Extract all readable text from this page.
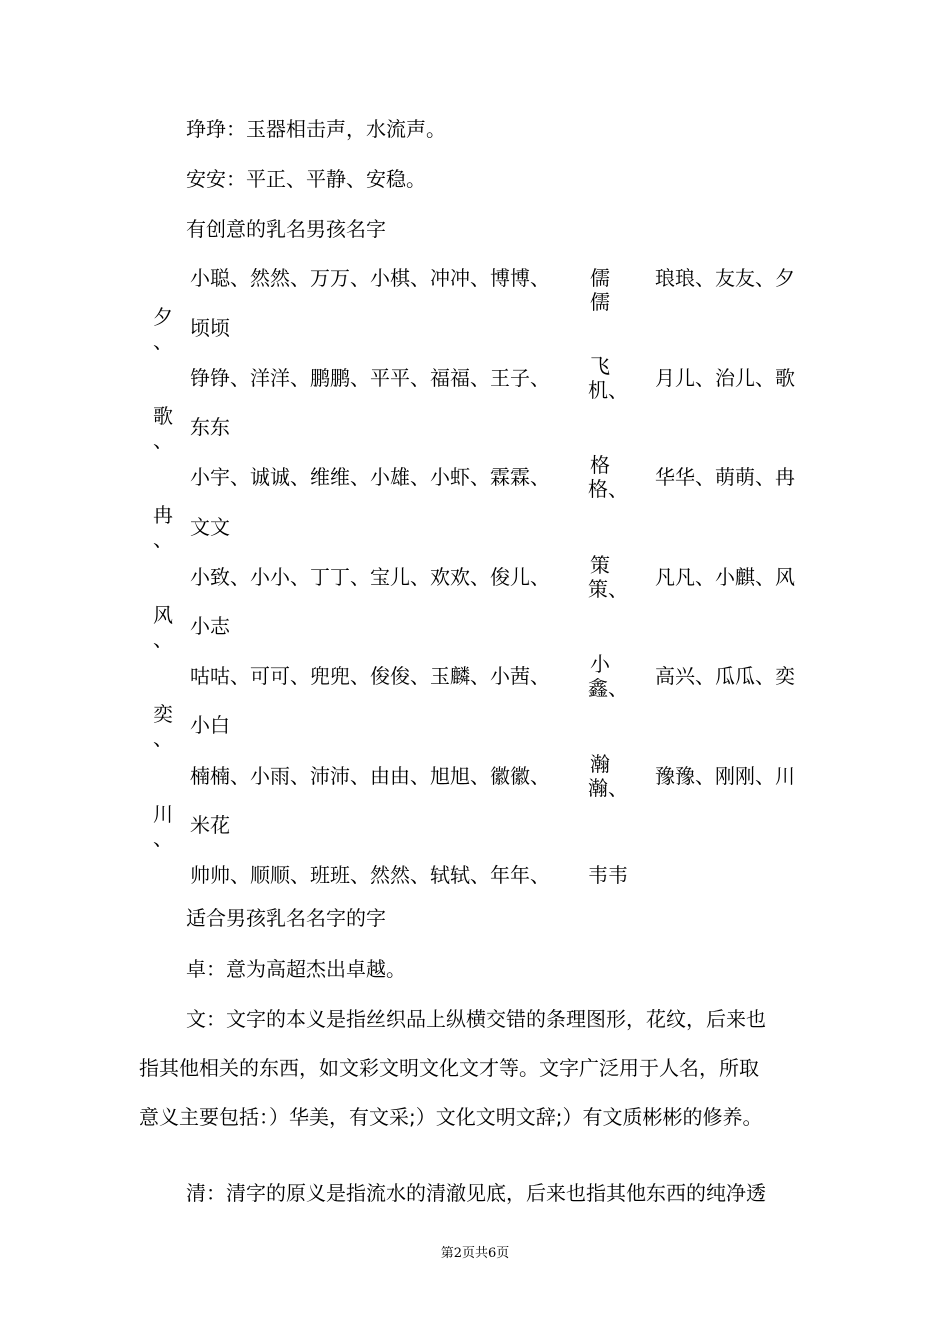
琤琤：玉器相击声，水流声。
安安：平正、平静、安稳。
有创意的乳名男孩名字
小聪、然然、万万、小棋、冲冲、博博、 儒
儒
琅琅、友友、夕
夕
、
顷顷
铮铮、洋洋、鹏鹏、平平、福福、王子、 飞
机、 月儿、治儿、歌
歌
、
东东
小宇、诚诚、维维、小雄、小虾、霖霖、 格
格、 华华、萌萌、冉
冉
、 文文
小致、小小、丁丁、宝儿、欢欢、俊儿、 策
策、 凡凡、小麒、风
风
、
小志
咕咕、可可、兜兜、俊俊、玉麟、小茜、 小
鑫、 高兴、瓜瓜、奕
奕
、
小白
楠楠、小雨、沛沛、由由、旭旭、徽徽、 瀚
瀚、 豫豫、刚刚、川
川
、
米花
帅帅、顺顺、班班、然然、轼轼、年年、 韦韦
适合男孩乳名名字的字
卓：意为高超杰出卓越。
文：文字的本义是指丝织品上纵横交错的条理图形，花纹，后来也
指其他相关的东西，如文彩文明文化文才等。文字广泛用于人名，所取
意义主要包括：）华美，有文采;）文化文明文辞;）有文质彬彬的修养。
清：清字的原义是指流水的清澈见底，后来也指其他东西的纯净透
第2页共6页
